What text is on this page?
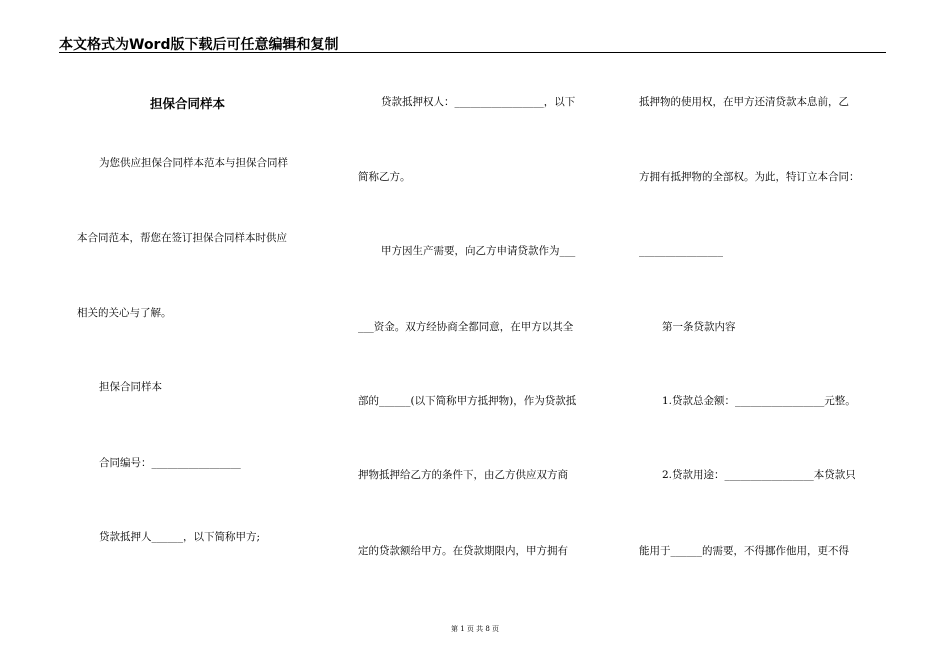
本文格式为Word版下载后可任意编辑和复制
担保合同样本
为您供应担保合同样本范本与担保合同样
本合同范本，帮您在签订担保合同样本时供应
相关的关心与了解。
担保合同样本
合同编号：_________________
贷款抵押人______，以下简称甲方;
贷款抵押权人：_________________，以下
简称乙方。
甲方因生产需要，向乙方申请贷款作为___
___资金。双方经协商全都同意，在甲方以其全
部的______(以下简称甲方抵押物)，作为贷款抵
押物抵押给乙方的条件下，由乙方供应双方商
定的贷款额给甲方。在贷款期限内，甲方拥有
抵押物的使用权，在甲方还清贷款本息前，乙
方拥有抵押物的全部权。为此，特订立本合同：
________________
第一条贷款内容
1.贷款总金额：_________________元整。
2.贷款用途：_________________本贷款只
能用于______的需要，不得挪作他用，更不得
第 1 页 共 8 页
